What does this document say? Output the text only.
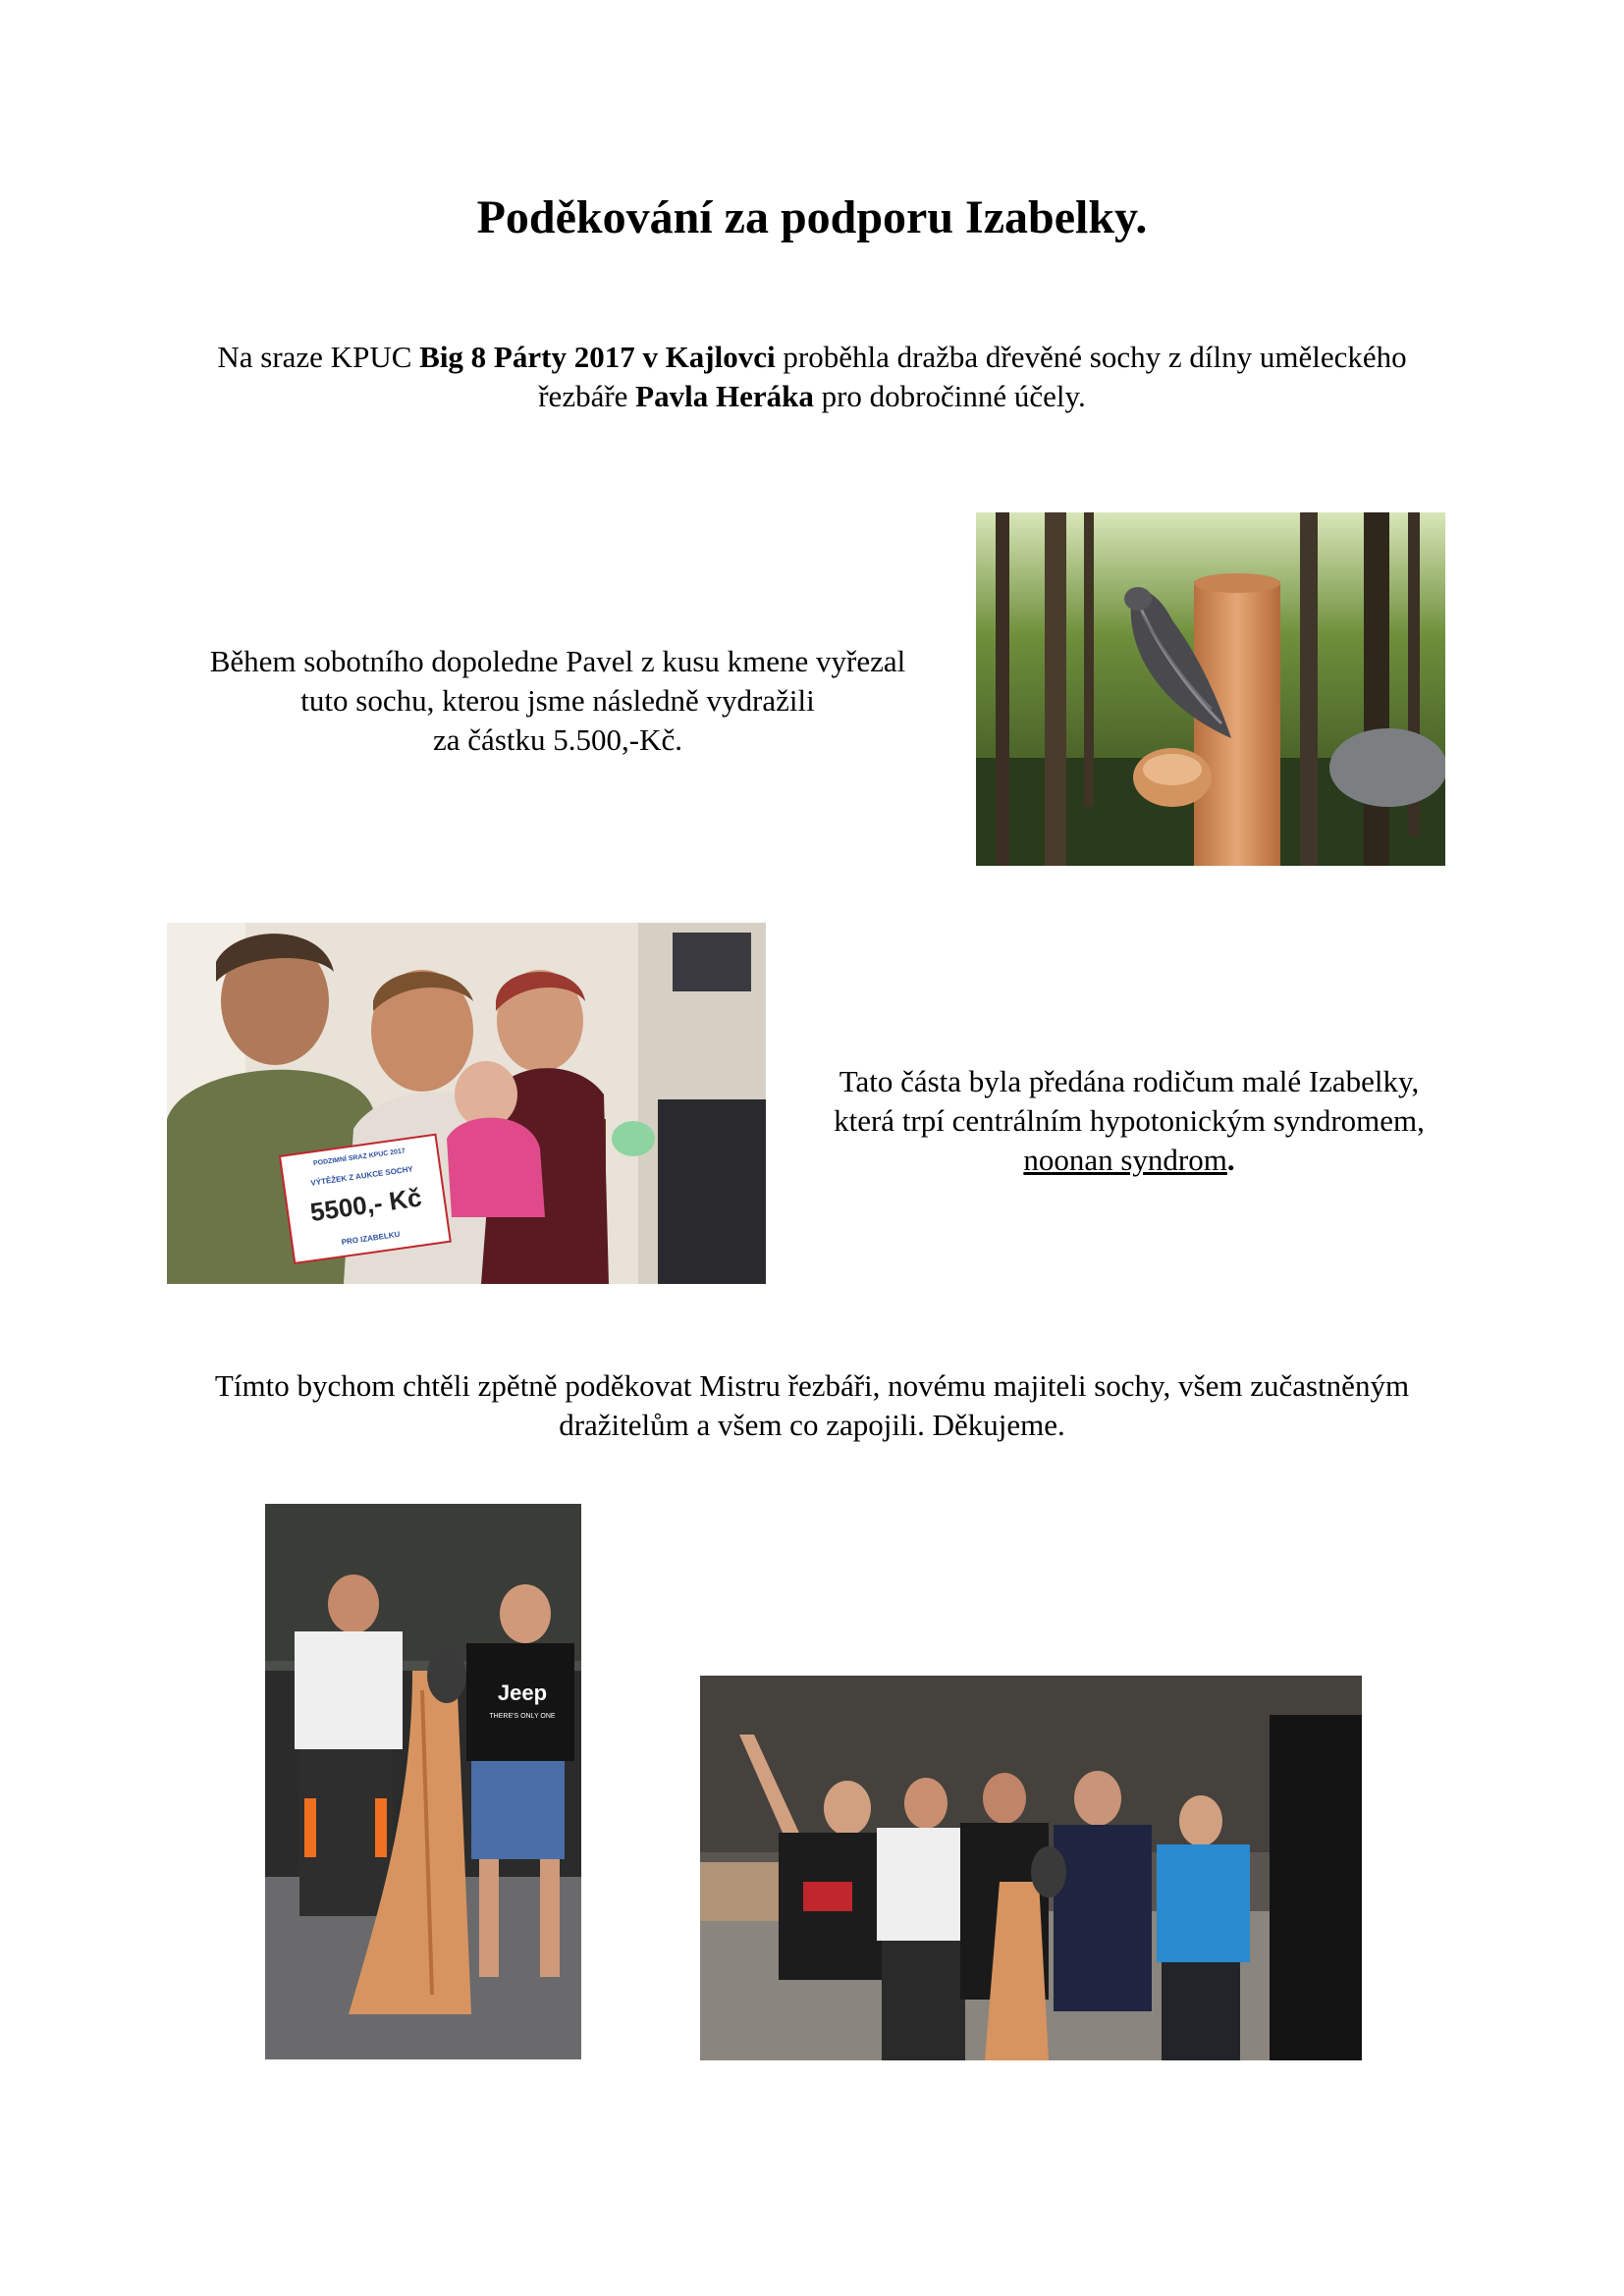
Poděkování za podporu Izabelky.
Na sraze KPUC Big 8 Párty 2017 v Kajlovci proběhla dražba dřevěné sochy z dílny uměleckého
řezbáře Pavla Heráka pro dobročinné účely.
Během sobotního dopoledne Pavel z kusu kmene vyřezal
tuto sochu, kterou jsme následně vydražili
za částku 5.500,-Kč.
PODZIMNÍ SRAZ KPUC 2017
VÝTĚŽEK Z AUKCE SOCHY
5500,- Kč
PRO IZABELKU
Tato částa byla předána rodičum malé Izabelky,
která trpí centrálním hypotonickým syndromem,
noonan syndrom.
Tímto bychom chtěli zpětně poděkovat Mistru řezbáři, novému majiteli sochy, všem zučastněným
dražitelům a všem co zapojili. Děkujeme.
Jeep
THERE'S ONLY ONE
